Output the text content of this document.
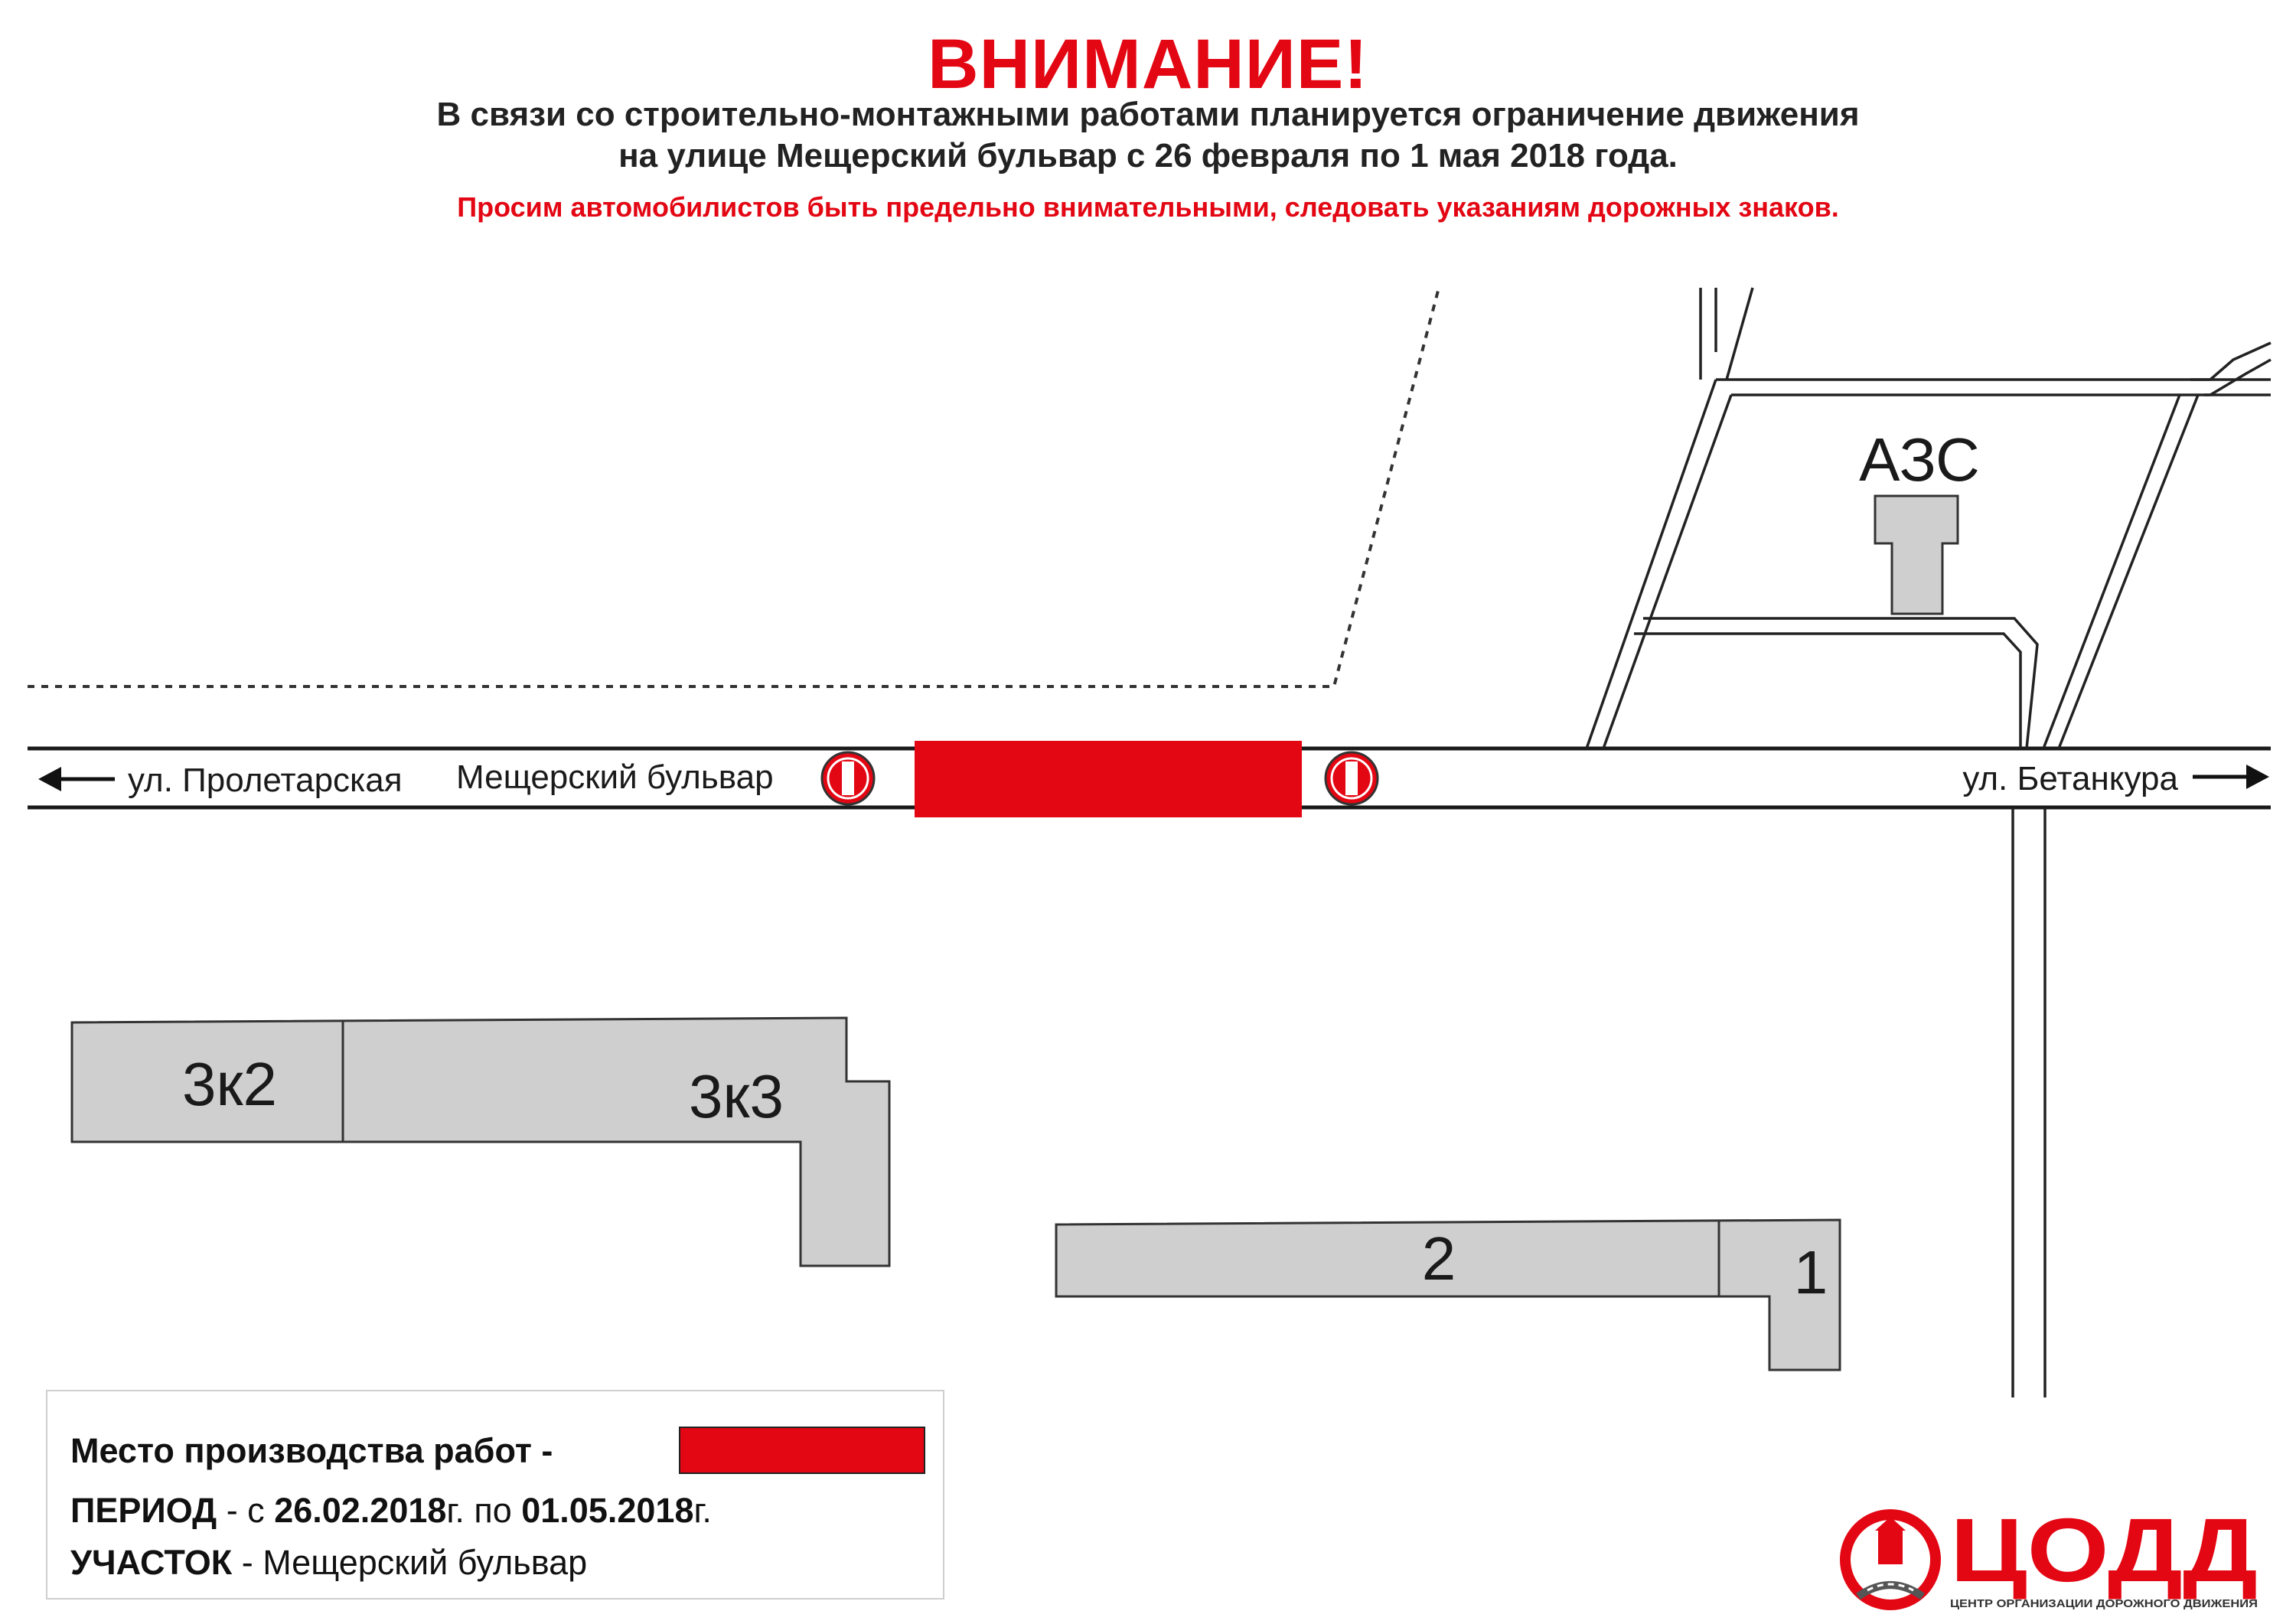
ВНИМАНИЕ!
В связи со строительно-монтажными работами планируется ограничение движения
на улице Мещерский бульвар с 26 февраля по 1 мая 2018 года.
Просим автомобилистов быть предельно внимательными, следовать указаниям дорожных знаков.
АЗС
ул. Пролетарская Мещерский бульвар	ул. Бетанкура
3к2	3к3
2	1
Место производства работ -
ПЕРИОД - с 26.02.2018г. по 01.05.2018г.
УЧАСТОК - Мещерский бульвар	ЦОДД
ЦЕНТР ОРГАНИЗАЦИИ ДОРОЖНОГО ДВИЖЕНИЯ
